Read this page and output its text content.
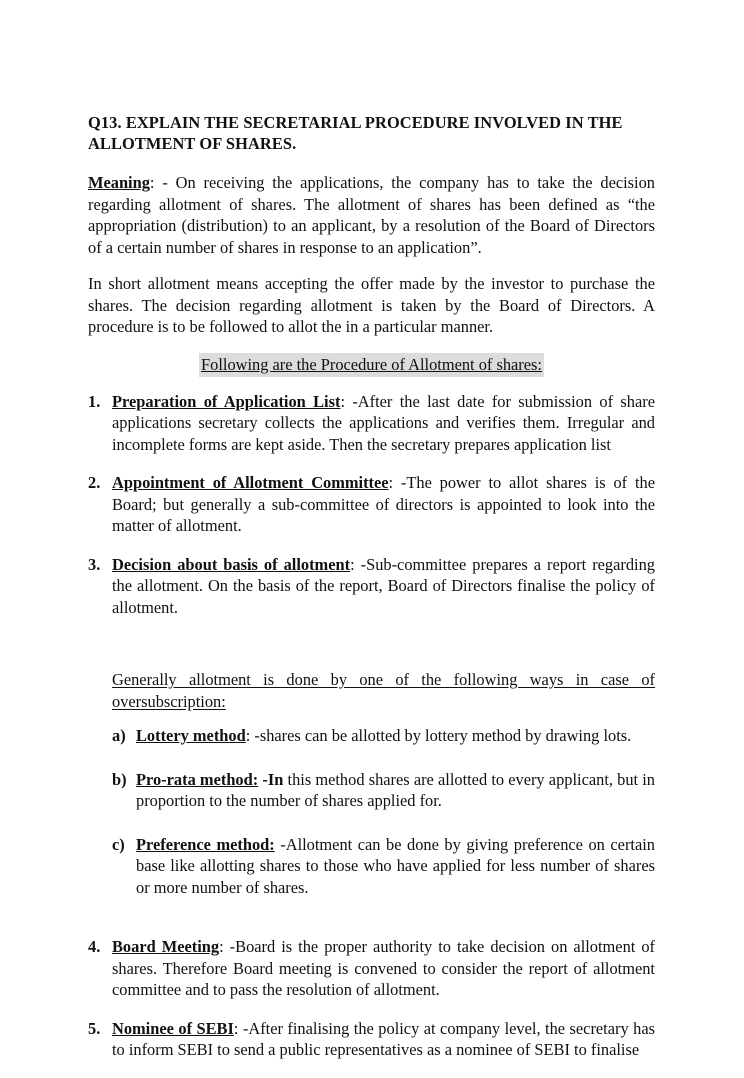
Q13. EXPLAIN THE SECRETARIAL PROCEDURE INVOLVED IN THE
ALLOTMENT OF SHARES.

Meaning: - On receiving the applications, the company has to take the decision regarding allotment of shares. The allotment of shares has been defined as “the appropriation (distribution) to an applicant, by a resolution of the Board of Directors of a certain number of shares in response to an application”.

In short allotment means accepting the offer made by the investor to purchase the shares. The decision regarding allotment is taken by the Board of Directors. A procedure is to be followed to allot the in a particular manner.

Following are the Procedure of Allotment of shares:
1. Preparation of Application List: -After the last date for submission of share applications secretary collects the applications and verifies them. Irregular and incomplete forms are kept aside. Then the secretary prepares application list
2. Appointment of Allotment Committee: -The power to allot shares is of the Board; but generally a sub-committee of directors is appointed to look into the matter of allotment.
3. Decision about basis of allotment: -Sub-committee prepares a report regarding the allotment. On the basis of the report, Board of Directors finalise the policy of allotment.

Generally allotment is done by one of the following ways in case of oversubscription:

a) Lottery method: -shares can be allotted by lottery method by drawing lots.
b) Pro-rata method: -In this method shares are allotted to every applicant, but in proportion to the number of shares applied for.
c) Preference method: -Allotment can be done by giving preference on certain base like allotting shares to those who have applied for less number of shares or more number of shares.
4. Board Meeting: -Board is the proper authority to take decision on allotment of shares. Therefore Board meeting is convened to consider the report of allotment committee and to pass the resolution of allotment.
5. Nominee of SEBI: -After finalising the policy at company level, the secretary has to inform SEBI to send a public representatives as a nominee of SEBI to finalise
